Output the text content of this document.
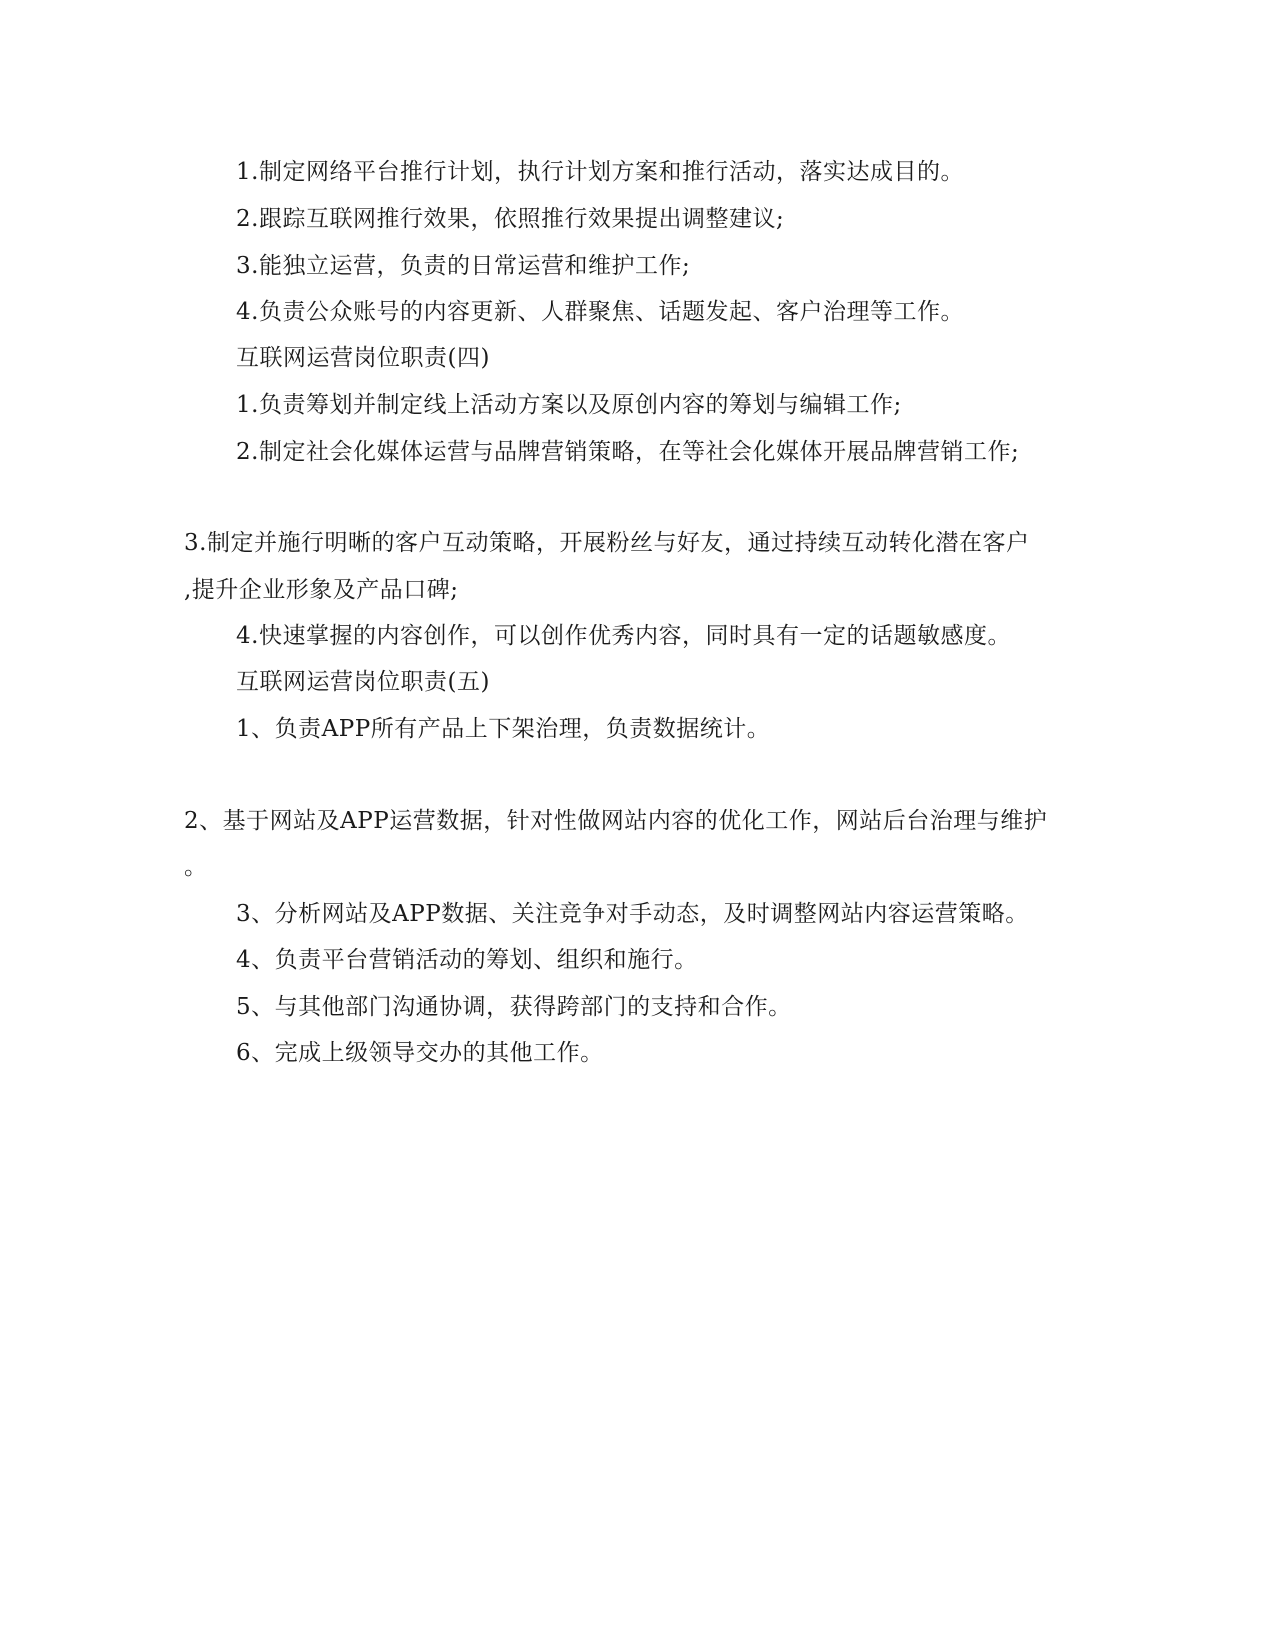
1.制定网络平台推行计划，执行计划方案和推行活动，落实达成目的。
2.跟踪互联网推行效果，依照推行效果提出调整建议;
3.能独立运营，负责的日常运营和维护工作;
4.负责公众账号的内容更新、人群聚焦、话题发起、客户治理等工作。
互联网运营岗位职责(四)
1.负责筹划并制定线上活动方案以及原创内容的筹划与编辑工作;
2.制定社会化媒体运营与品牌营销策略，在等社会化媒体开展品牌营销工作;
3.制定并施行明晰的客户互动策略，开展粉丝与好友，通过持续互动转化潜在客户
,提升企业形象及产品口碑;
4.快速掌握的内容创作，可以创作优秀内容，同时具有一定的话题敏感度。
互联网运营岗位职责(五)
1、负责APP所有产品上下架治理，负责数据统计。
2、基于网站及APP运营数据，针对性做网站内容的优化工作，网站后台治理与维护
。
3、分析网站及APP数据、关注竞争对手动态，及时调整网站内容运营策略。
4、负责平台营销活动的筹划、组织和施行。
5、与其他部门沟通协调，获得跨部门的支持和合作。
6、完成上级领导交办的其他工作。
